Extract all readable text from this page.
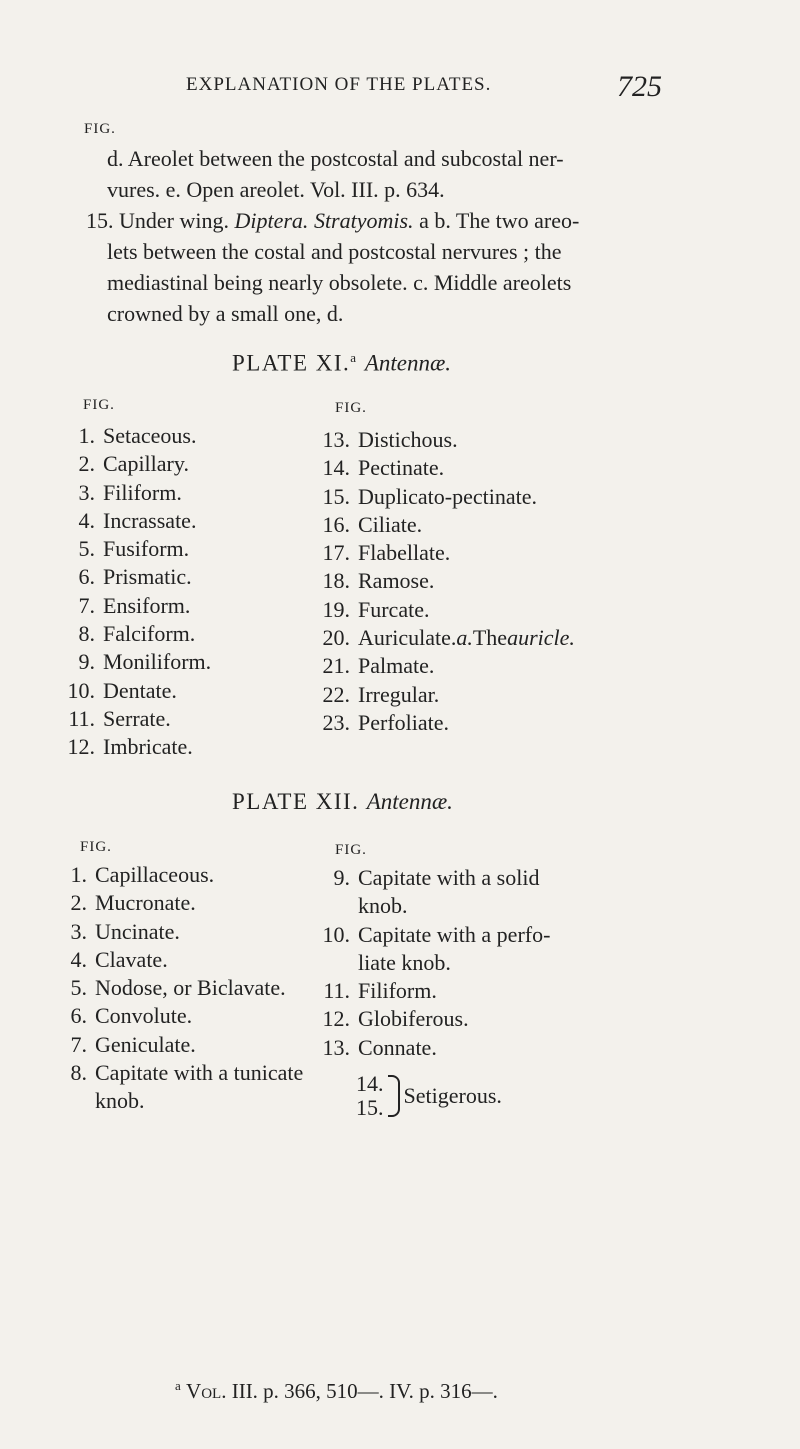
EXPLANATION OF THE PLATES.	725
FIG.
d. Areolet between the postcostal and subcostal ner-
vures. e. Open areolet. Vol. III. p. 634.
15. Under wing. Diptera. Stratyomis. a b. The two areo-
lets between the costal and postcostal nervures ; the
mediastinal being nearly obsolete. c. Middle areolets
crowned by a small one, d.
PLATE XI.$^a$ Antennæ.
FIG.	FIG.
1. Setaceous.
2. Capillary.
3. Filiform.
4. Incrassate.
5. Fusiform.
6. Prismatic.
7. Ensiform.
8. Falciform.
9. Moniliform.
10. Dentate.
11. Serrate.
12. Imbricate.
13. Distichous.
14. Pectinate.
15. Duplicato-pectinate.
16. Ciliate.
17. Flabellate.
18. Ramose.
19. Furcate.
20. Auriculate. a. The auricle.
21. Palmate.
22. Irregular.
23. Perfoliate.
PLATE XII. Antennæ.
FIG.	FIG.
1. Capillaceous.
2. Mucronate.
3. Uncinate.
4. Clavate.
5. Nodose, or Biclavate.
6. Convolute.
7. Geniculate.
8. Capitate with a tunicate
knob.
9. Capitate with a solid
knob.
10. Capitate with a perfo-
liate knob.
11. Filiform.
12. Globiferous.
13. Connate.
14.
15. Setigerous.
$^a$ Vol. III. p. 366, 510—. IV. p. 316—.
